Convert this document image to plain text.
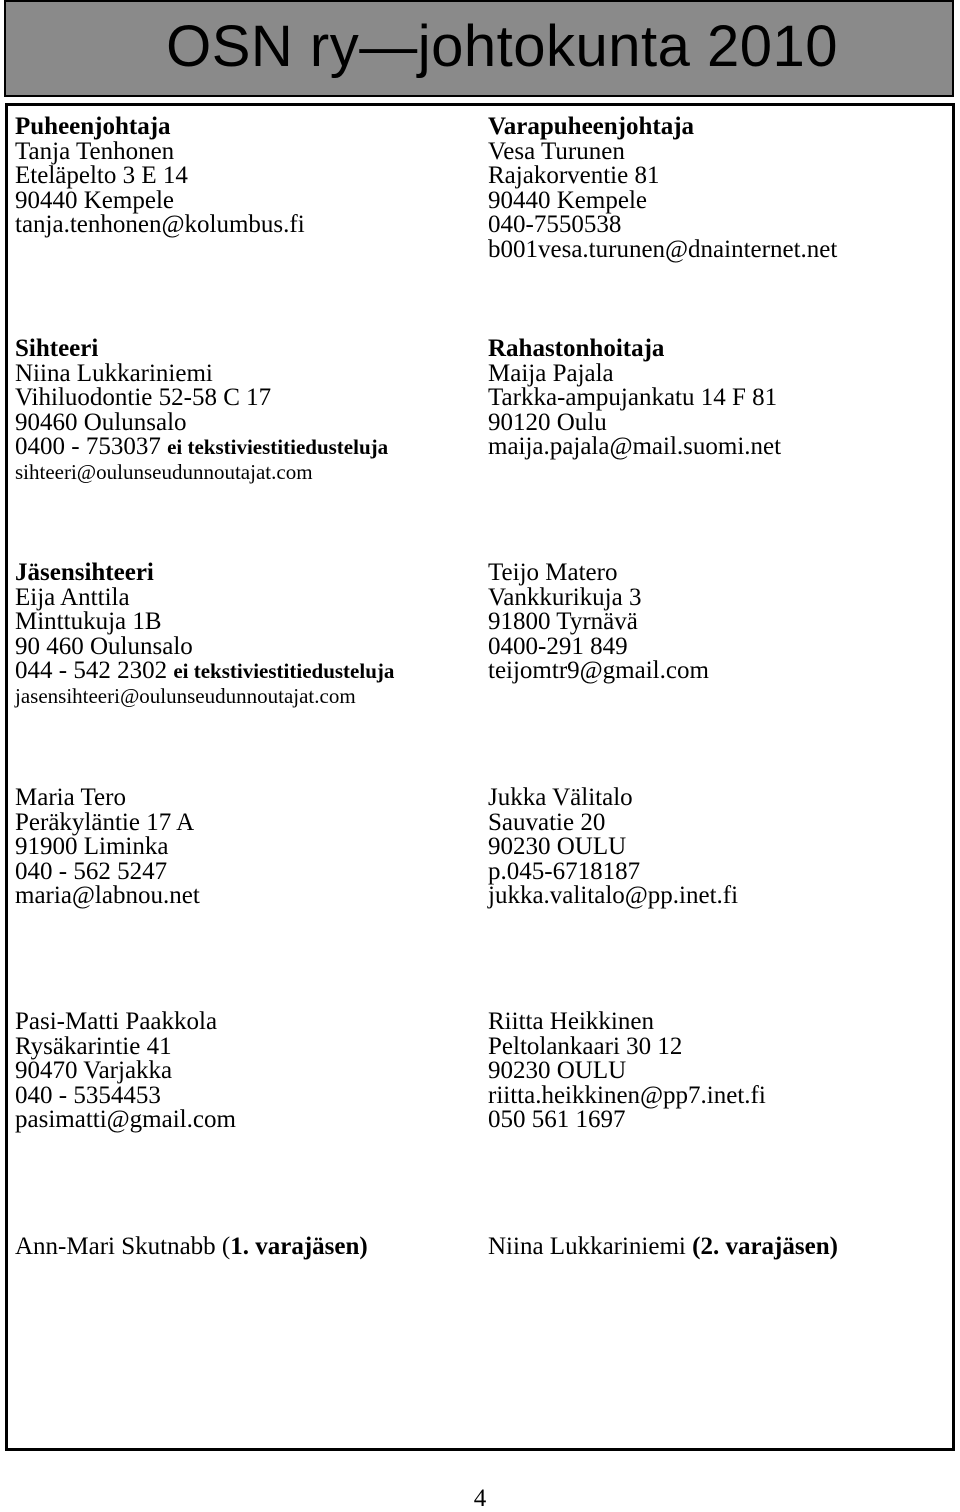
OSN ry—johtokunta 2010
Puheenjohtaja
Tanja Tenhonen
Eteläpelto 3 E 14
90440 Kempele
tanja.tenhonen@kolumbus.fi
Varapuheenjohtaja
Vesa Turunen
Rajakorventie 81
90440 Kempele
040-7550538
b001vesa.turunen@dnainternet.net
Sihteeri
Niina Lukkariniemi
Vihiluodontie 52-58 C 17
90460 Oulunsalo
0400 - 753037 ei tekstiviestitiedusteluja
sihteeri@oulunseudunnoutajat.com
Rahastonhoitaja
Maija Pajala
Tarkka-ampujankatu 14 F 81
90120 Oulu
maija.pajala@mail.suomi.net
Jäsensihteeri
Eija Anttila
Minttukuja 1B
90 460 Oulunsalo
044 - 542 2302 ei tekstiviestitiedusteluja
jasensihteeri@oulunseudunnoutajat.com
Teijo Matero
Vankkurikuja 3
91800 Tyrnävä
0400-291 849
teijomtr9@gmail.com
Maria Tero
Peräkyläntie 17 A
91900 Liminka
040 - 562 5247
maria@labnou.net
Jukka Välitalo
Sauvatie 20
90230 OULU
p.045-6718187
jukka.valitalo@pp.inet.fi
Pasi-Matti Paakkola
Rysäkarintie 41
90470 Varjakka
040 - 5354453
pasimatti@gmail.com
Riitta Heikkinen
Peltolankaari 30 12
90230 OULU
riitta.heikkinen@pp7.inet.fi
050 561 1697
Ann-Mari Skutnabb (1. varajäsen)	Niina Lukkariniemi (2. varajäsen)
4
